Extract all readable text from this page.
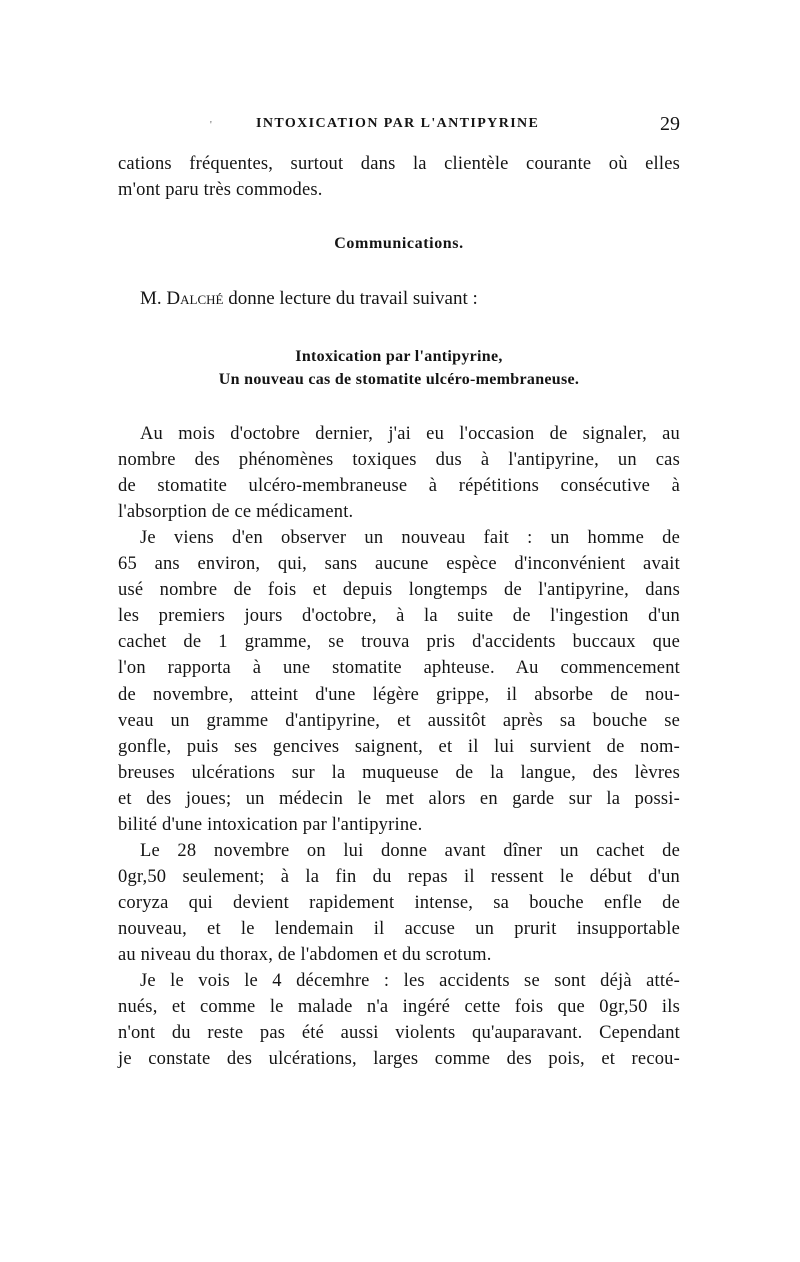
'	INTOXICATION PAR L'ANTIPYRINE	29
cations fréquentes, surtout dans la clientèle courante où elles
m'ont paru très commodes.
Communications.
M. Dalché donne lecture du travail suivant :
Intoxication par l'antipyrine,
Un nouveau cas de stomatite ulcéro-membraneuse.
Au mois d'octobre dernier, j'ai eu l'occasion de signaler, au
nombre des phénomènes toxiques dus à l'antipyrine, un cas
de stomatite ulcéro-membraneuse à répétitions consécutive à
l'absorption de ce médicament.
Je viens d'en observer un nouveau fait : un homme de
65 ans environ, qui, sans aucune espèce d'inconvénient avait
usé nombre de fois et depuis longtemps de l'antipyrine, dans
les premiers jours d'octobre, à la suite de l'ingestion d'un
cachet de 1 gramme, se trouva pris d'accidents buccaux que
l'on rapporta à une stomatite aphteuse. Au commencement
de novembre, atteint d'une légère grippe, il absorbe de nou-
veau un gramme d'antipyrine, et aussitôt après sa bouche se
gonfle, puis ses gencives saignent, et il lui survient de nom-
breuses ulcérations sur la muqueuse de la langue, des lèvres
et des joues; un médecin le met alors en garde sur la possi-
bilité d'une intoxication par l'antipyrine.
Le 28 novembre on lui donne avant dîner un cachet de
0gr,50 seulement; à la fin du repas il ressent le début d'un
coryza qui devient rapidement intense, sa bouche enfle de
nouveau, et le lendemain il accuse un prurit insupportable
au niveau du thorax, de l'abdomen et du scrotum.
Je le vois le 4 décemhre : les accidents se sont déjà atté-
nués, et comme le malade n'a ingéré cette fois que 0gr,50 ils
n'ont du reste pas été aussi violents qu'auparavant. Cependant
je constate des ulcérations, larges comme des pois, et recou-
